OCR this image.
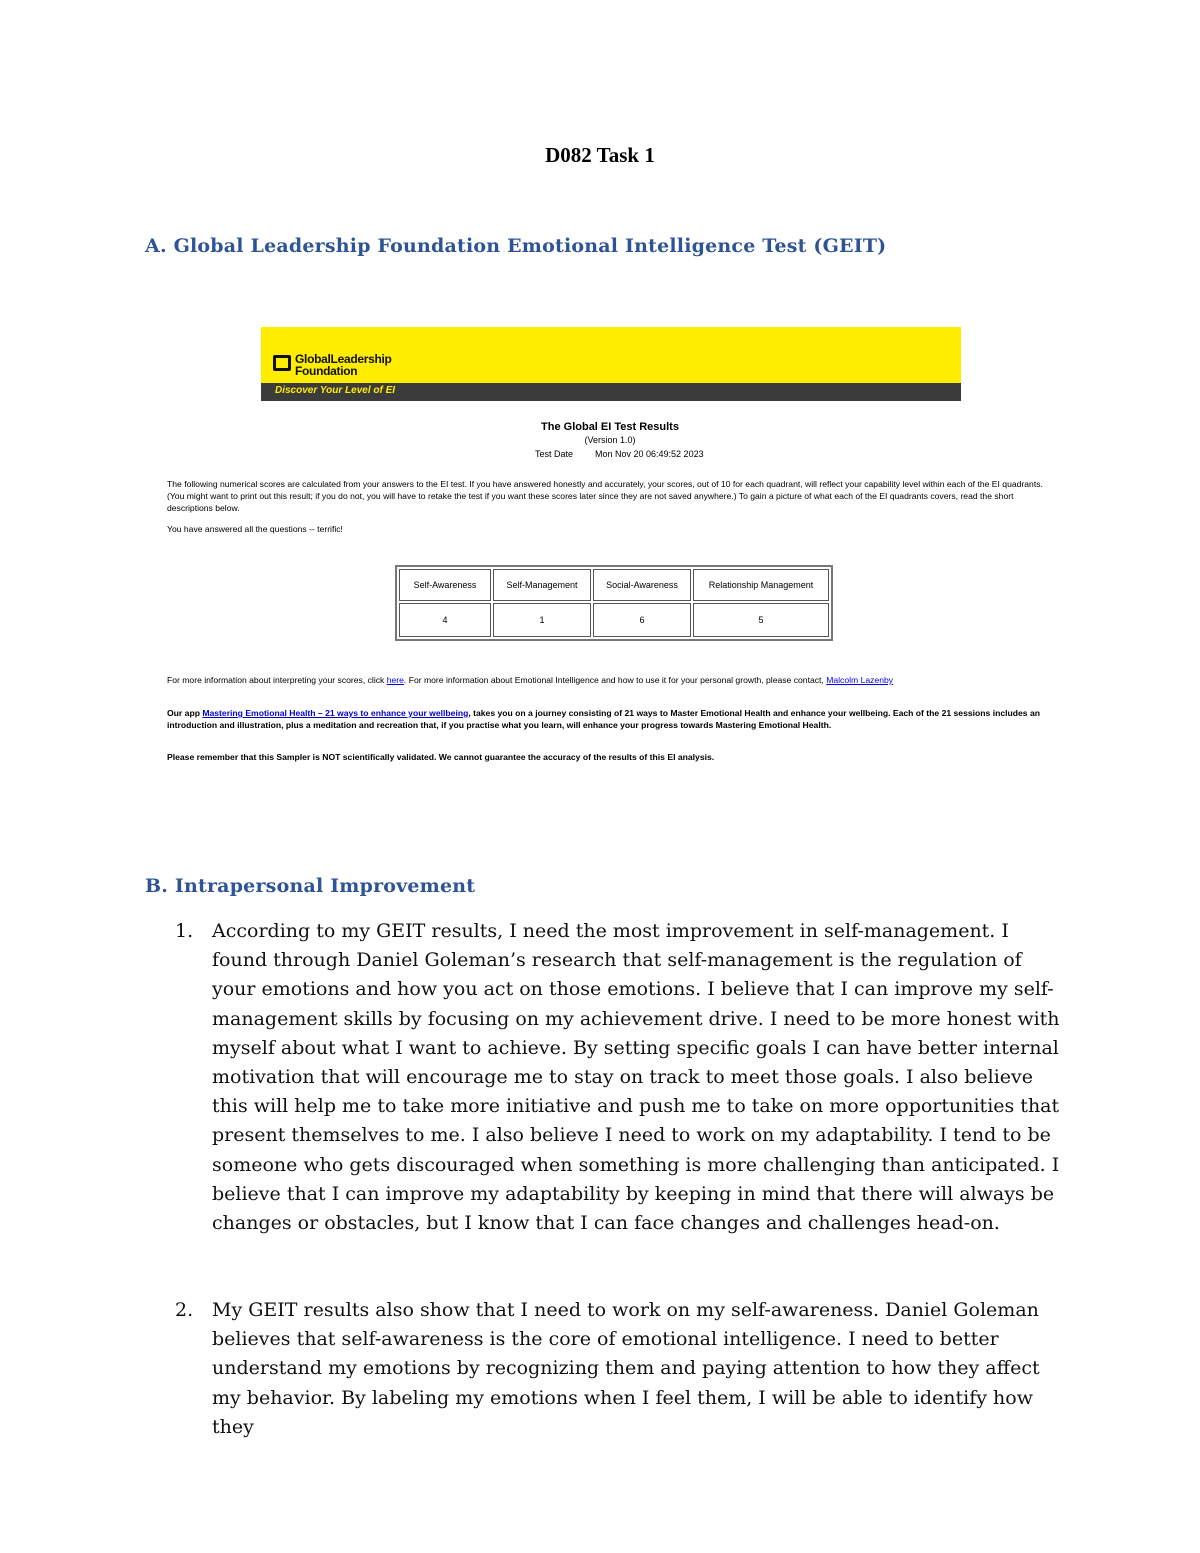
D082 Task 1
A. Global Leadership Foundation Emotional Intelligence Test (GEIT)
GlobalLeadership
Foundation
Discover Your Level of EI
The Global EI Test Results
(Version 1.0)
Test Date Mon Nov 20 06:49:52 2023
The following numerical scores are calculated from your answers to the EI test. If you have answered honestly and accurately, your scores, out of 10 for each quadrant, will reflect your capability level within each of the EI quadrants. (You might want to print out this result; if you do not, you will have to retake the test if you want these scores later since they are not saved anywhere.) To gain a picture of what each of the EI quadrants covers, read the short descriptions below.
You have answered all the questions -- terrific!
Self-Awareness	Self-Management	Social-Awareness	Relationship Management
4	1	6	5
For more information about interpreting your scores, click here. For more information about Emotional Intelligence and how to use it for your personal growth, please contact, Malcolm Lazenby
Our app Mastering Emotional Health – 21 ways to enhance your wellbeing, takes you on a journey consisting of 21 ways to Master Emotional Health and enhance your wellbeing. Each of the 21 sessions includes an introduction and illustration, plus a meditation and recreation that, if you practise what you learn, will enhance your progress towards Mastering Emotional Health.
Please remember that this Sampler is NOT scientifically validated. We cannot guarantee the accuracy of the results of this EI analysis.
B. Intrapersonal Improvement
1. According to my GEIT results, I need the most improvement in self-management. I found through Daniel Goleman’s research that self-management is the regulation of your emotions and how you act on those emotions. I believe that I can improve my self-management skills by focusing on my achievement drive. I need to be more honest with myself about what I want to achieve. By setting specific goals I can have better internal motivation that will encourage me to stay on track to meet those goals. I also believe this will help me to take more initiative and push me to take on more opportunities that present themselves to me. I also believe I need to work on my adaptability. I tend to be someone who gets discouraged when something is more challenging than anticipated. I believe that I can improve my adaptability by keeping in mind that there will always be changes or obstacles, but I know that I can face changes and challenges head-on.
2. My GEIT results also show that I need to work on my self-awareness. Daniel Goleman believes that self-awareness is the core of emotional intelligence. I need to better understand my emotions by recognizing them and paying attention to how they affect my behavior. By labeling my emotions when I feel them, I will be able to identify how they
